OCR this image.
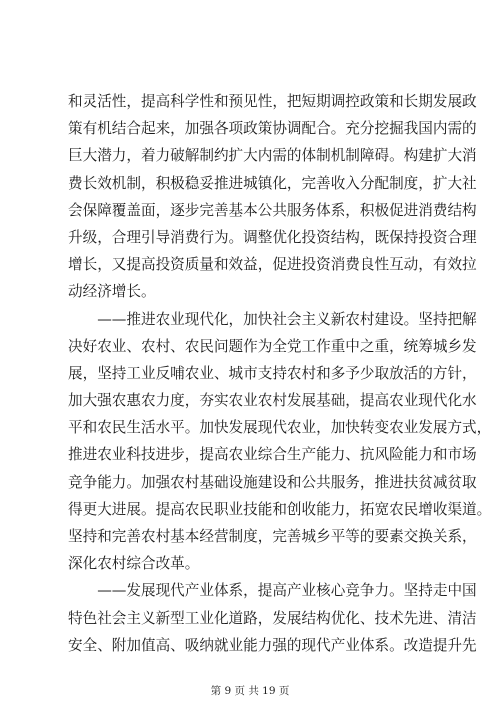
和灵活性，提高科学性和预见性，把短期调控政策和长期发展政
策有机结合起来，加强各项政策协调配合。充分挖掘我国内需的
巨大潜力，着力破解制约扩大内需的体制机制障碍。构建扩大消
费长效机制，积极稳妥推进城镇化，完善收入分配制度，扩大社
会保障覆盖面，逐步完善基本公共服务体系，积极促进消费结构
升级，合理引导消费行为。调整优化投资结构，既保持投资合理
增长，又提高投资质量和效益，促进投资消费良性互动，有效拉
动经济增长。
　　——推进农业现代化，加快社会主义新农村建设。坚持把解
决好农业、农村、农民问题作为全党工作重中之重，统筹城乡发
展，坚持工业反哺农业、城市支持农村和多予少取放活的方针，
加大强农惠农力度，夯实农业农村发展基础，提高农业现代化水
平和农民生活水平。加快发展现代农业，加快转变农业发展方式，
推进农业科技进步，提高农业综合生产能力、抗风险能力和市场
竞争能力。加强农村基础设施建设和公共服务，推进扶贫减贫取
得更大进展。提高农民职业技能和创收能力，拓宽农民增收渠道。
坚持和完善农村基本经营制度，完善城乡平等的要素交换关系，
深化农村综合改革。
　　——发展现代产业体系，提高产业核心竞争力。坚持走中国
特色社会主义新型工业化道路，发展结构优化、技术先进、清洁
安全、附加值高、吸纳就业能力强的现代产业体系。改造提升先
第 9 页 共 19 页
